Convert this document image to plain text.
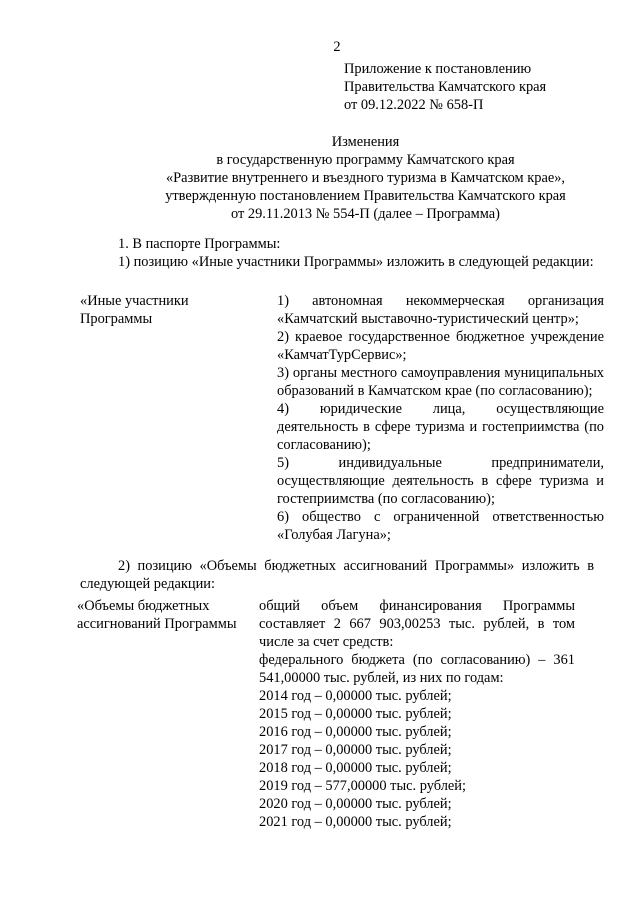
2
Приложение к постановлению
Правительства Камчатского края
от 09.12.2022 № 658-П
Изменения
в государственную программу Камчатского края
«Развитие внутреннего и въездного туризма в Камчатском крае»,
утвержденную постановлением Правительства Камчатского края
от 29.11.2013 № 554-П (далее – Программа)
1. В паспорте Программы:
1) позицию «Иные участники Программы» изложить в следующей редакции:
«Иные участники Программы
1) автономная некоммерческая организация «Камчатский выставочно-туристический центр»;
2) краевое государственное бюджетное учреждение «КамчатТурСервис»;
3) органы местного самоуправления муниципальных образований в Камчатском крае (по согласованию);
4) юридические лица, осуществляющие деятельность в сфере туризма и гостеприимства (по согласованию);
5) индивидуальные предприниматели, осуществляющие деятельность в сфере туризма и гостеприимства (по согласованию);
6) общество с ограниченной ответственностью «Голубая Лагуна»;
2) позицию «Объемы бюджетных ассигнований Программы» изложить в следующей редакции:
«Объемы бюджетных ассигнований Программы
общий объем финансирования Программы составляет 2 667 903,00253 тыс. рублей, в том числе за счет средств:
федерального бюджета (по согласованию) – 361 541,00000 тыс. рублей, из них по годам:
2014 год – 0,00000 тыс. рублей;
2015 год – 0,00000 тыс. рублей;
2016 год – 0,00000 тыс. рублей;
2017 год – 0,00000 тыс. рублей;
2018 год – 0,00000 тыс. рублей;
2019 год – 577,00000 тыс. рублей;
2020 год – 0,00000 тыс. рублей;
2021 год – 0,00000 тыс. рублей;
